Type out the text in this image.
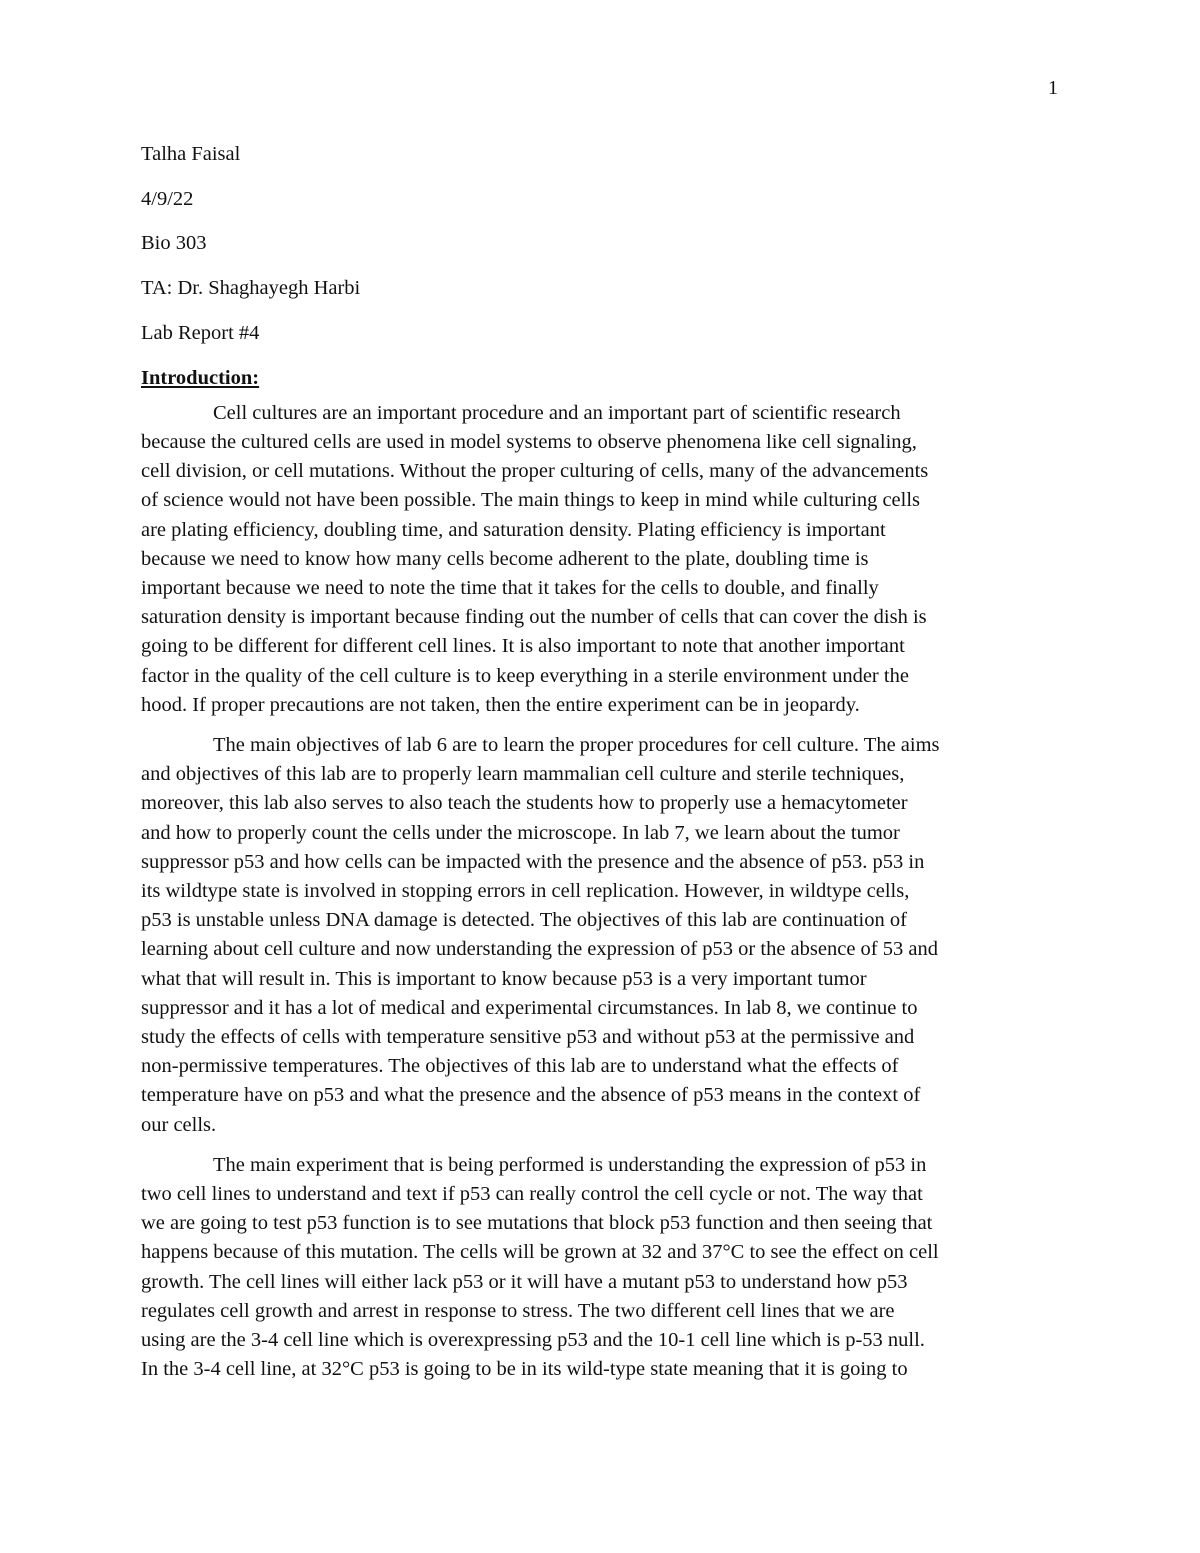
1
Talha Faisal
4/9/22
Bio 303
TA: Dr. Shaghayegh Harbi
Lab Report #4
Introduction:
Cell cultures are an important procedure and an important part of scientific research
because the cultured cells are used in model systems to observe phenomena like cell signaling,
cell division, or cell mutations. Without the proper culturing of cells, many of the advancements
of science would not have been possible. The main things to keep in mind while culturing cells
are plating efficiency, doubling time, and saturation density. Plating efficiency is important
because we need to know how many cells become adherent to the plate, doubling time is
important because we need to note the time that it takes for the cells to double, and finally
saturation density is important because finding out the number of cells that can cover the dish is
going to be different for different cell lines. It is also important to note that another important
factor in the quality of the cell culture is to keep everything in a sterile environment under the
hood. If proper precautions are not taken, then the entire experiment can be in jeopardy.
The main objectives of lab 6 are to learn the proper procedures for cell culture. The aims
and objectives of this lab are to properly learn mammalian cell culture and sterile techniques,
moreover, this lab also serves to also teach the students how to properly use a hemacytometer
and how to properly count the cells under the microscope. In lab 7, we learn about the tumor
suppressor p53 and how cells can be impacted with the presence and the absence of p53. p53 in
its wildtype state is involved in stopping errors in cell replication. However, in wildtype cells,
p53 is unstable unless DNA damage is detected. The objectives of this lab are continuation of
learning about cell culture and now understanding the expression of p53 or the absence of 53 and
what that will result in. This is important to know because p53 is a very important tumor
suppressor and it has a lot of medical and experimental circumstances. In lab 8, we continue to
study the effects of cells with temperature sensitive p53 and without p53 at the permissive and
non-permissive temperatures. The objectives of this lab are to understand what the effects of
temperature have on p53 and what the presence and the absence of p53 means in the context of
our cells.
The main experiment that is being performed is understanding the expression of p53 in
two cell lines to understand and text if p53 can really control the cell cycle or not. The way that
we are going to test p53 function is to see mutations that block p53 function and then seeing that
happens because of this mutation. The cells will be grown at 32 and 37°C to see the effect on cell
growth. The cell lines will either lack p53 or it will have a mutant p53 to understand how p53
regulates cell growth and arrest in response to stress. The two different cell lines that we are
using are the 3-4 cell line which is overexpressing p53 and the 10-1 cell line which is p-53 null.
In the 3-4 cell line, at 32°C p53 is going to be in its wild-type state meaning that it is going to
